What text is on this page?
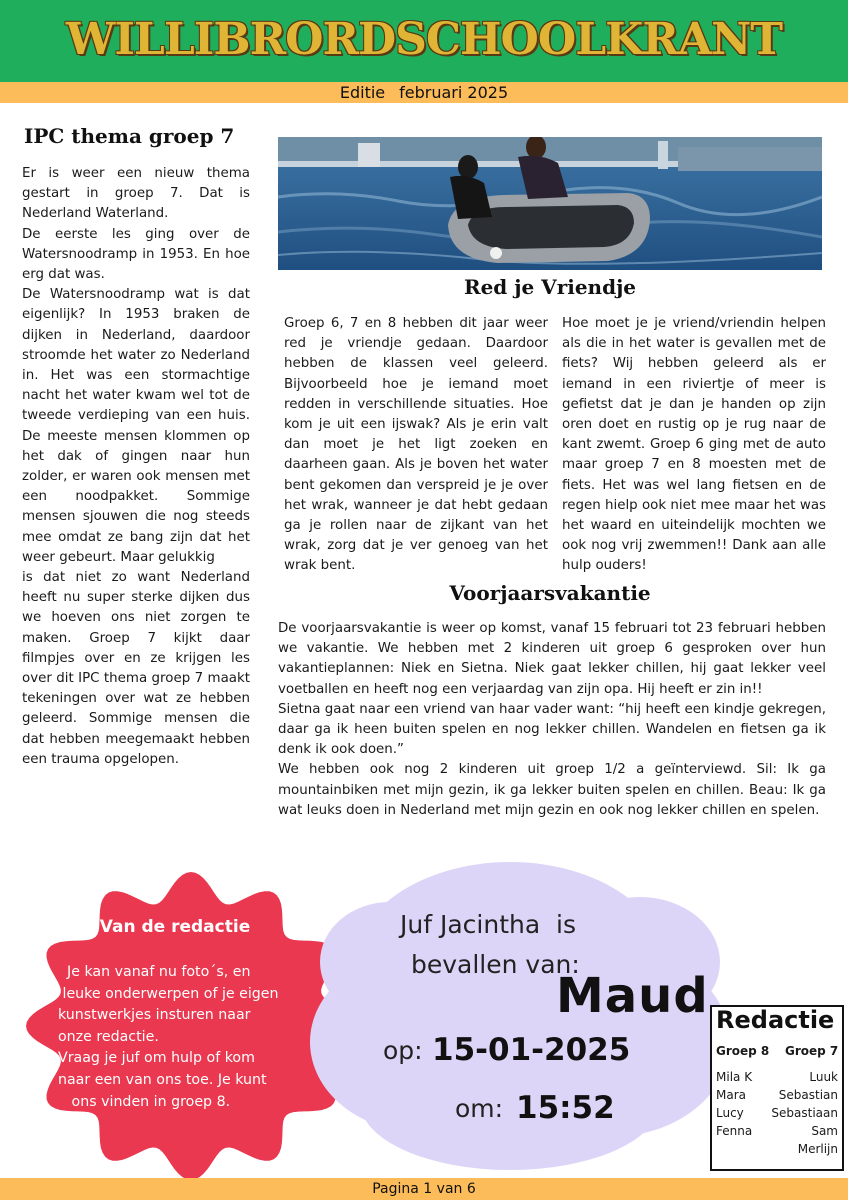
WILLIBRORDSCHOOLKRANT
Editie februari 2025
IPC thema groep 7

Er is weer een nieuw thema gestart in groep 7. Dat is Nederland Waterland.

De eerste les ging over de Watersnoodramp in 1953. En hoe erg dat was.

De Watersnoodramp wat is dat eigenlijk? In 1953 braken de dijken in Nederland, daardoor stroomde het water zo Nederland in. Het was een stormachtige nacht het water kwam wel tot de tweede verdieping van een huis. De meeste mensen klommen op het dak of gingen naar hun zolder, er waren ook mensen met een noodpakket. Sommige mensen sjouwen die nog steeds mee omdat ze bang zijn dat het weer gebeurt. Maar gelukkig

is dat niet zo want Nederland heeft nu super sterke dijken dus we hoeven ons niet zorgen te maken. Groep 7 kijkt daar filmpjes over en ze krijgen les over dit IPC thema groep 7 maakt tekeningen over wat ze hebben geleerd. Sommige mensen die dat hebben meegemaakt hebben een trauma opgelopen.

Red je Vriendje
Groep 6, 7 en 8 hebben dit jaar weer red je vriendje gedaan. Daardoor hebben de klassen veel geleerd. Bijvoorbeeld hoe je iemand moet redden in verschillende situaties. Hoe kom je uit een ijswak? Als je erin valt dan moet je het ligt zoeken en daarheen gaan. Als je boven het water bent gekomen dan verspreid je je over het wrak, wanneer je dat hebt gedaan ga je rollen naar de zijkant van het wrak, zorg dat je ver genoeg van het wrak bent.
Hoe moet je je vriend/vriendin helpen als die in het water is gevallen met de fiets? Wij hebben geleerd als er iemand in een riviertje of meer is gefietst dat je dan je handen op zijn oren doet en rustig op je rug naar de kant zwemt. Groep 6 ging met de auto maar groep 7 en 8 moesten met de fiets. Het was wel lang fietsen en de regen hielp ook niet mee maar het was het waard en uiteindelijk mochten we ook nog vrij zwemmen!! Dank aan alle hulp ouders!
Voorjaarsvakantie

De voorjaarsvakantie is weer op komst, vanaf 15 februari tot 23 februari hebben we vakantie. We hebben met 2 kinderen uit groep 6 gesproken over hun vakantieplannen: Niek en Sietna. Niek gaat lekker chillen, hij gaat lekker veel voetballen en heeft nog een verjaardag van zijn opa. Hij heeft er zin in!!

Sietna gaat naar een vriend van haar vader want: “hij heeft een kindje gekregen, daar ga ik heen buiten spelen en nog lekker chillen. Wandelen en fietsen ga ik denk ik ook doen.”

We hebben ook nog 2 kinderen uit groep 1/2 a geïnterviewd. Sil: Ik ga mountainbiken met mijn gezin, ik ga lekker buiten spelen en chillen. Beau: Ik ga wat leuks doen in Nederland met mijn gezin en ook nog lekker chillen en spelen.

Van de redactie
Je kan vanaf nu foto´s, en
leuke onderwerpen of je eigen
kunstwerkjes insturen naar
onze redactie.
Vraag je juf om hulp of kom
naar een van ons toe. Je kunt
ons vinden in groep 8.
Juf Jacintha  is
bevallen van:
Maud
op: 15-01-2025
om: 15:52
Redactie
Groep 8 Groep 7
Mila K
Mara
Lucy
Fenna
Luuk
Sebastian
Sebastiaan
Sam
Merlijn
Pagina 1 van 6
